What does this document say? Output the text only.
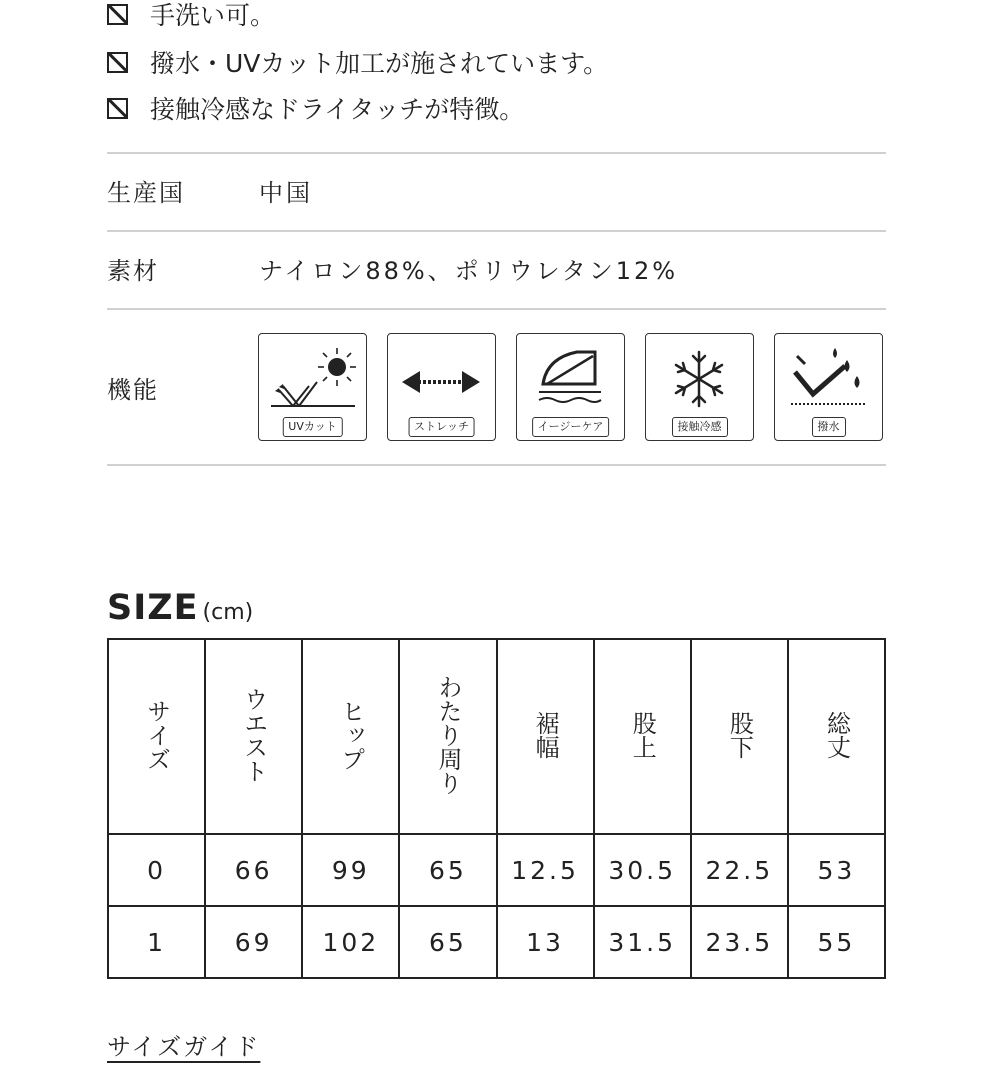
手洗い可。
撥水・UVカット加工が施されています。
接触冷感なドライタッチが特徴。
生産国	中国
素材	ナイロン88%、ポリウレタン12%
機能
UVカット	ストレッチ	イージーケア	接触冷感	撥水
SIZE (cm)
サイズ	ウエスト	ヒップ	わたり周り	裾幅	股上	股下	総丈
0	66	99	65	12.5	30.5	22.5	53
1	69	102	65	13	31.5	23.5	55
サイズガイド
